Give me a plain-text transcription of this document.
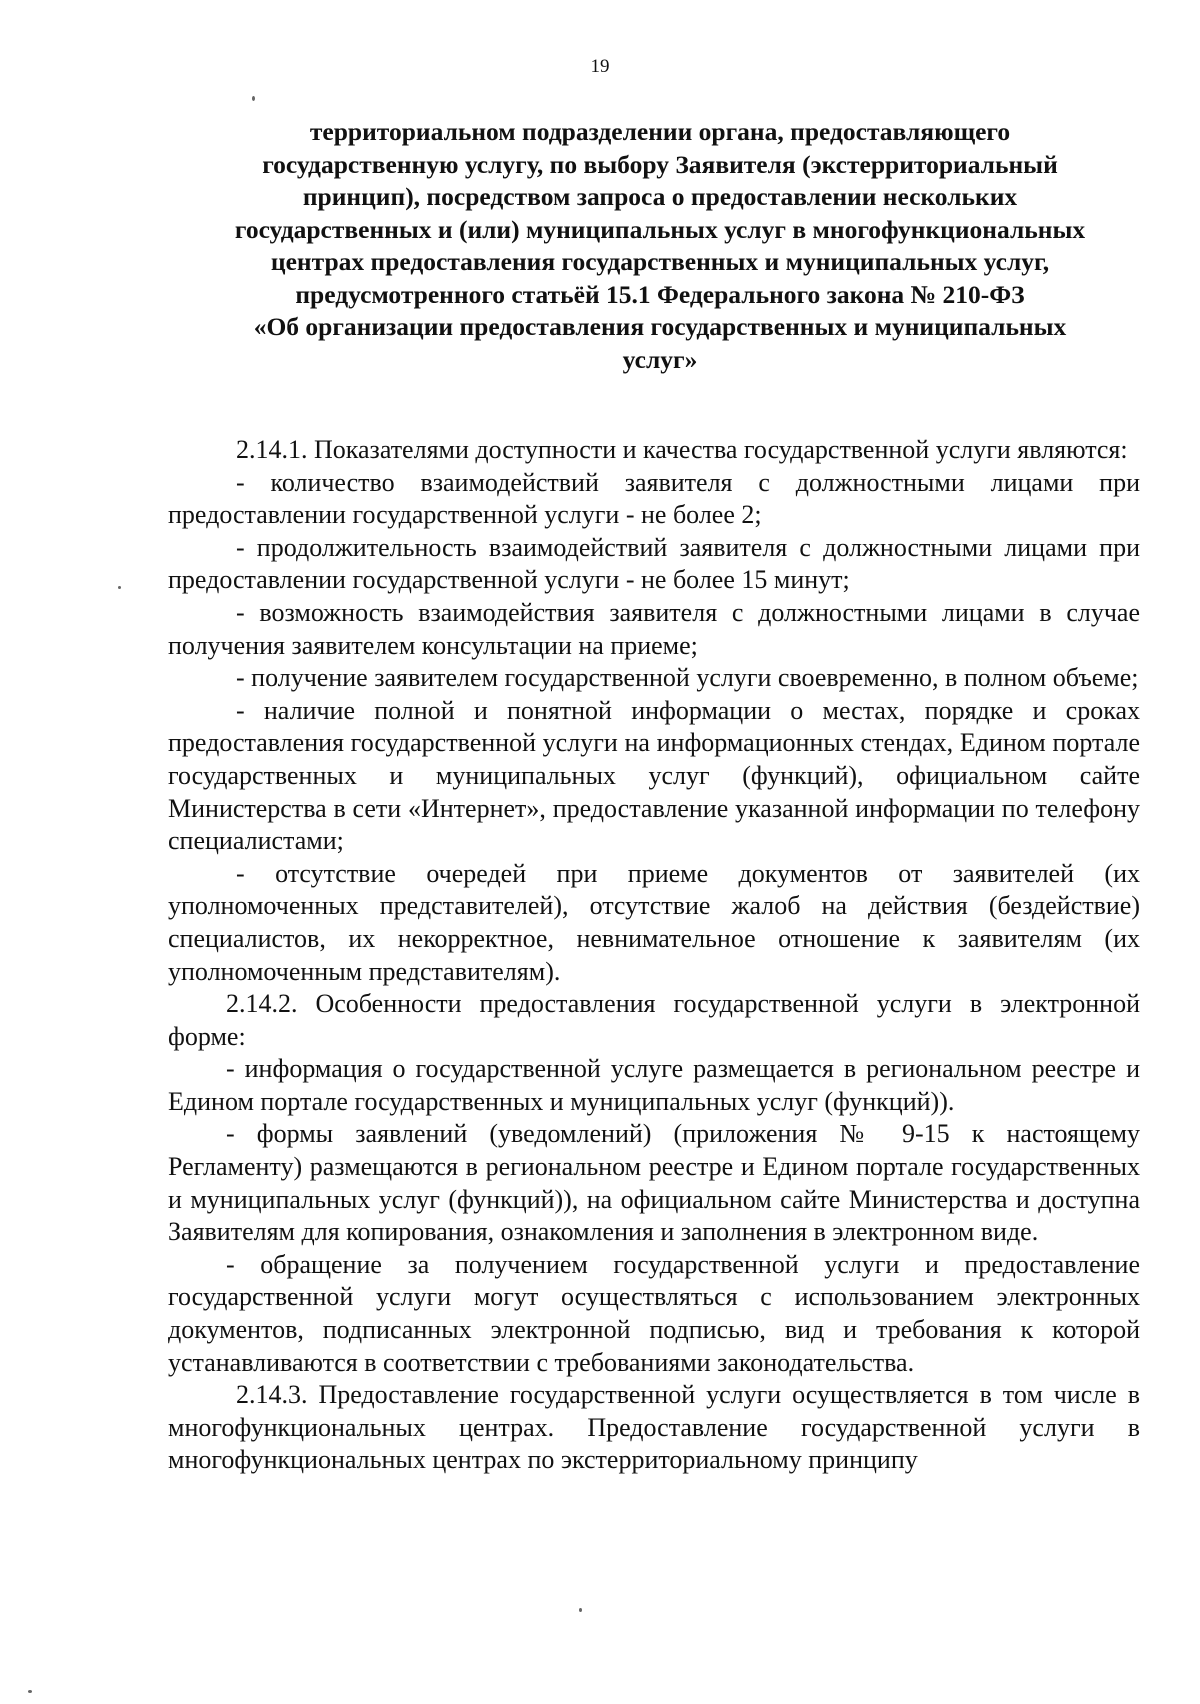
19
территориальном подразделении органа, предоставляющего
государственную услугу, по выбору Заявителя (экстерриториальный
принцип), посредством запроса о предоставлении нескольких
государственных и (или) муниципальных услуг в многофункциональных
центрах предоставления государственных и муниципальных услуг,
предусмотренного статьёй 15.1 Федерального закона № 210-ФЗ
«Об организации предоставления государственных и муниципальных
услуг»

2.14.1. Показателями доступности и качества государственной услуги являются:

- количество взаимодействий заявителя с должностными лицами при предоставлении государственной услуги - не более 2;

- продолжительность взаимодействий заявителя с должностными лицами при предоставлении государственной услуги - не более 15 минут;

- возможность взаимодействия заявителя с должностными лицами в случае получения заявителем консультации на приеме;

- получение заявителем государственной услуги своевременно, в полном объеме;

- наличие полной и понятной информации о местах, порядке и сроках предоставления государственной услуги на информационных стендах, Едином портале государственных и муниципальных услуг (функций), официальном сайте Министерства в сети «Интернет», предоставление указанной информации по телефону специалистами;

- отсутствие очередей при приеме документов от заявителей (их уполномоченных представителей), отсутствие жалоб на действия (бездействие) специалистов, их некорректное, невнимательное отношение к заявителям (их уполномоченным представителям).

2.14.2. Особенности предоставления государственной услуги в электронной форме:

- информация о государственной услуге размещается в региональном реестре и Едином портале государственных и муниципальных услуг (функций)).

- формы заявлений (уведомлений) (приложения № 9-15 к настоящему Регламенту) размещаются в региональном реестре и Едином портале государственных и муниципальных услуг (функций)), на официальном сайте Министерства и доступна Заявителям для копирования, ознакомления и заполнения в электронном виде.

- обращение за получением государственной услуги и предоставление государственной услуги могут осуществляться с использованием электронных документов, подписанных электронной подписью, вид и требования к которой устанавливаются в соответствии с требованиями законодательства.

2.14.3. Предоставление государственной услуги осуществляется в том числе в многофункциональных центрах. Предоставление государственной услуги в многофункциональных центрах по экстерриториальному принципу
